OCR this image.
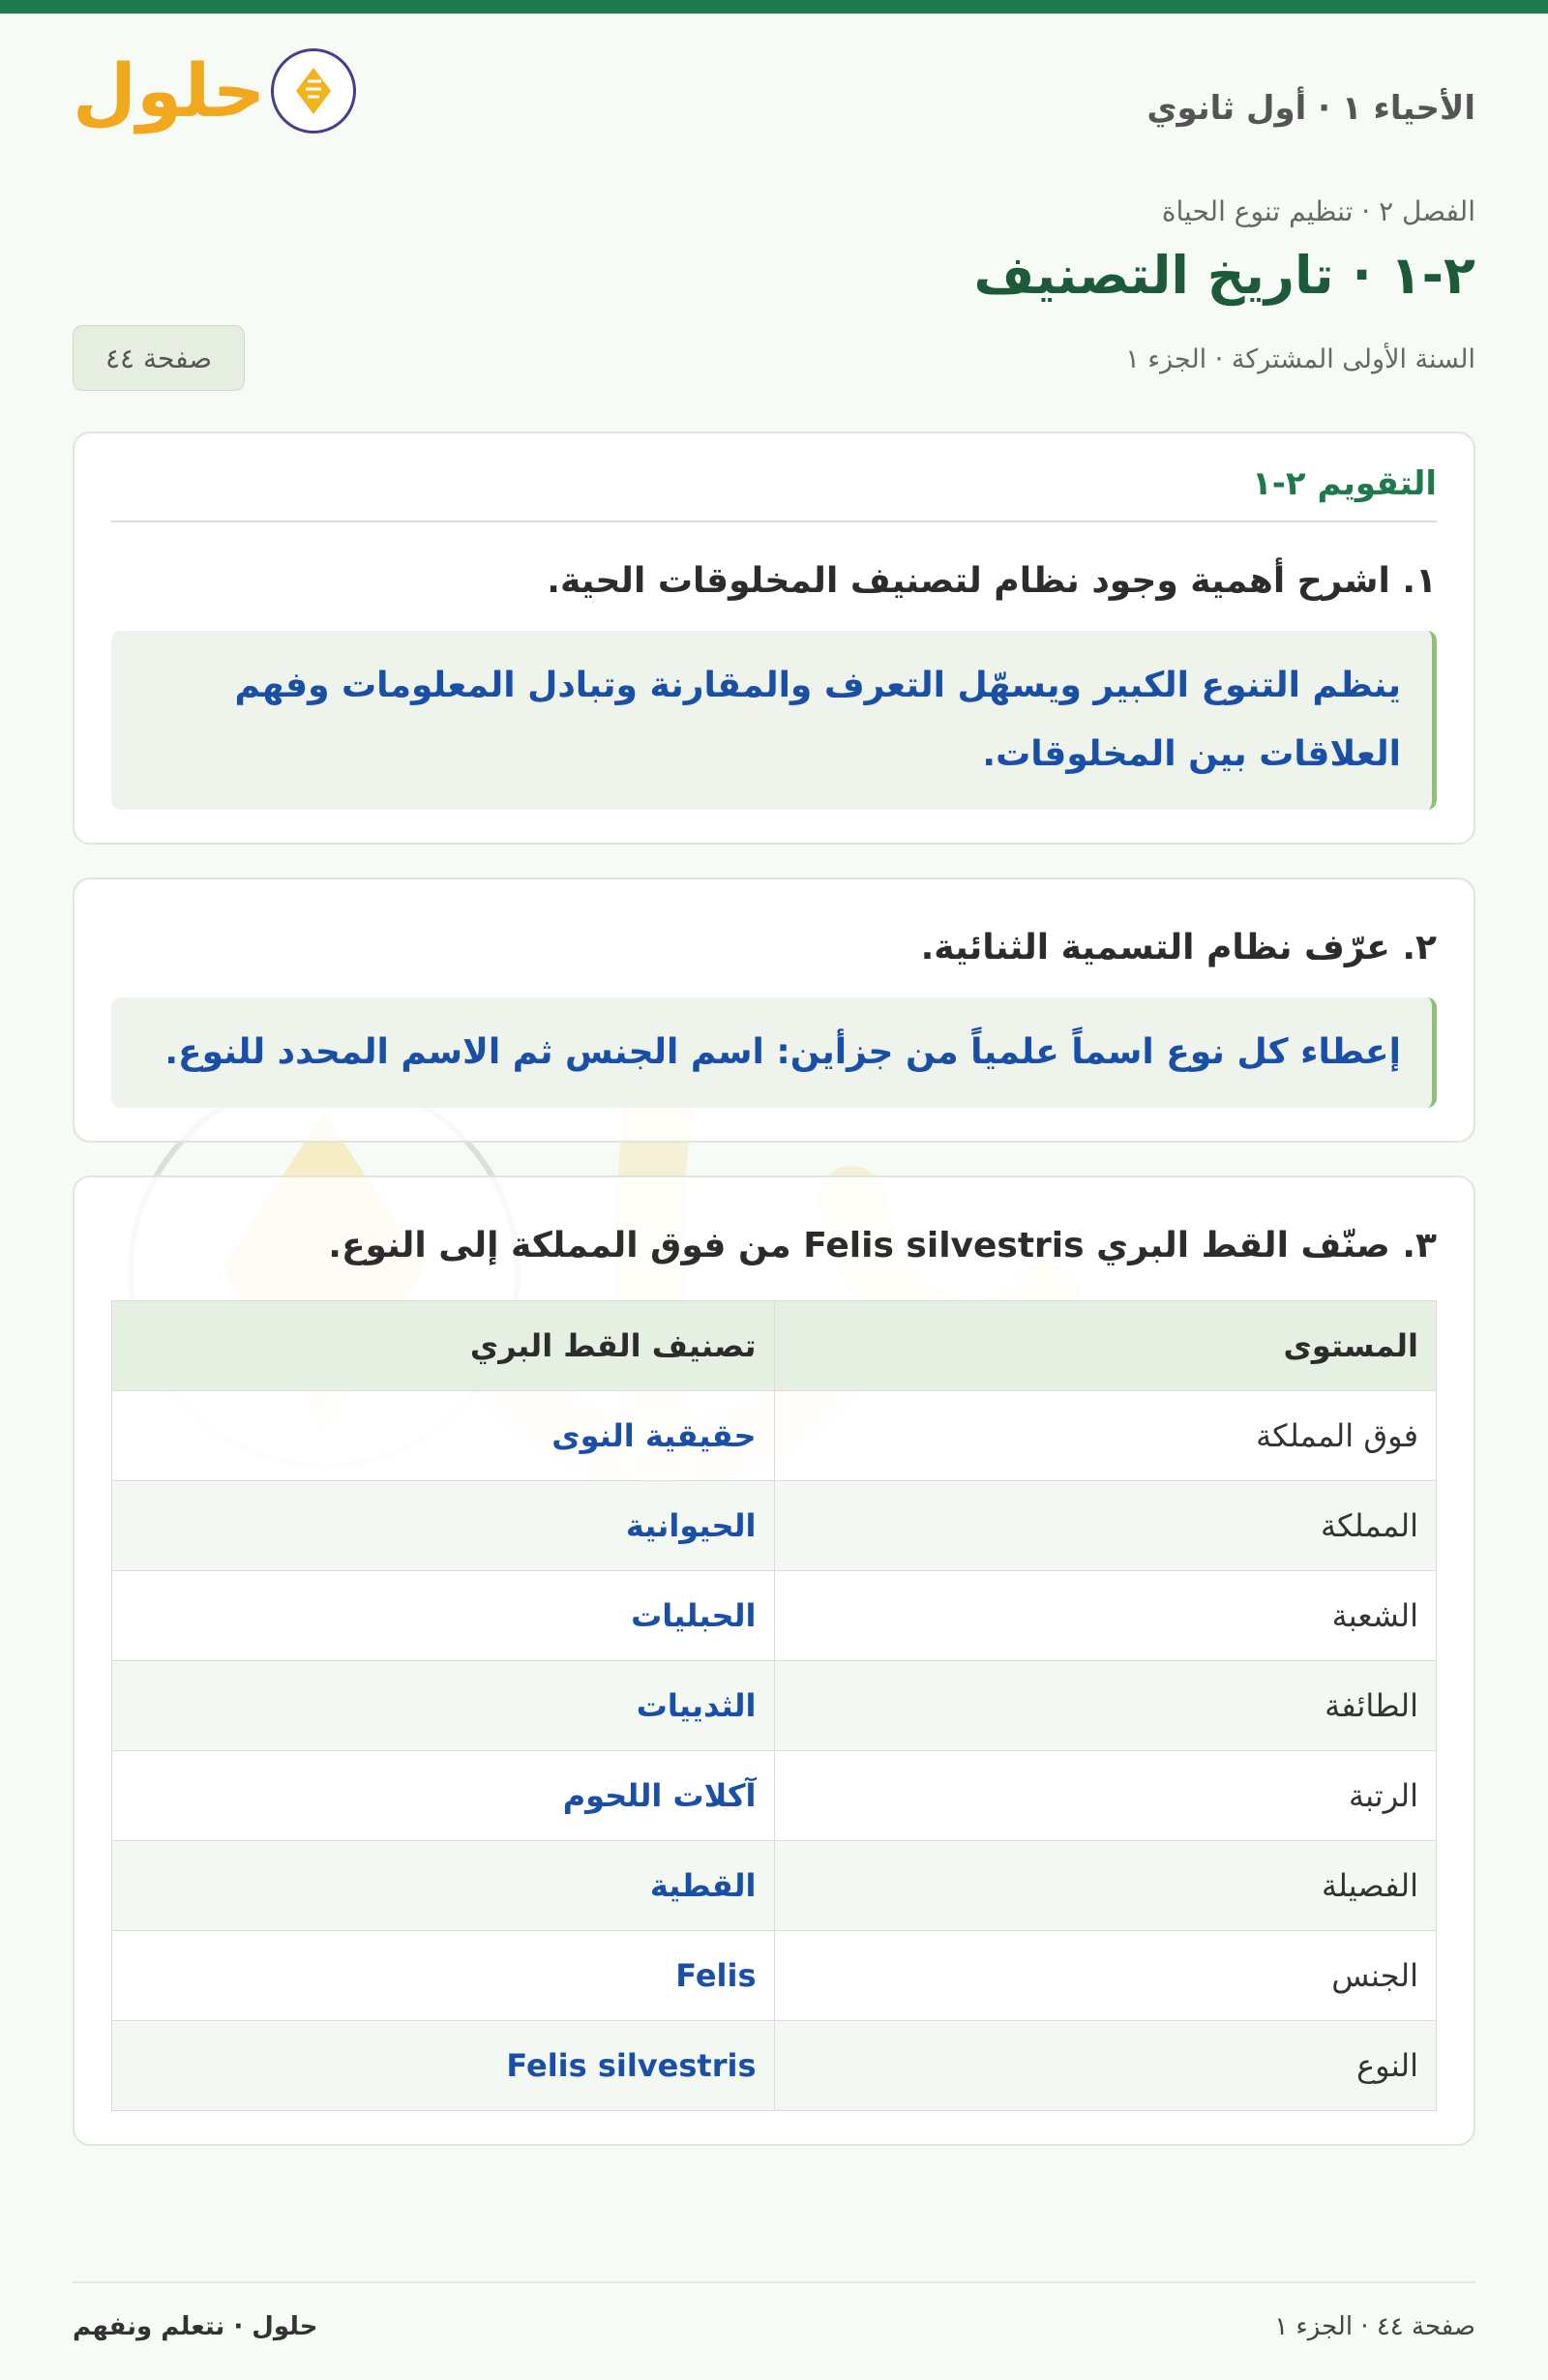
الأحياء ١ · أول ثانوي
حلول
الفصل ٢ · تنظيم تنوع الحياة
٢-١ · تاريخ التصنيف
السنة الأولى المشتركة · الجزء ١
صفحة ٤٤
التقويم ٢-١
١. اشرح أهمية وجود نظام لتصنيف المخلوقات الحية.
ينظم التنوع الكبير ويسهّل التعرف والمقارنة وتبادل المعلومات وفهم العلاقات بين المخلوقات.
٢. عرّف نظام التسمية الثنائية.
إعطاء كل نوع اسماً علمياً من جزأين: اسم الجنس ثم الاسم المحدد للنوع.
٣. صنّف القط البري Felis silvestris من فوق المملكة إلى النوع.
المستوى	تصنيف القط البري
فوق المملكة	حقيقية النوى
المملكة	الحيوانية
الشعبة	الحبليات
الطائفة	الثدييات
الرتبة	آكلات اللحوم
الفصيلة	القطية
الجنس	Felis
النوع	Felis silvestris
صفحة ٤٤ · الجزء ١
حلول · نتعلم ونفهم
